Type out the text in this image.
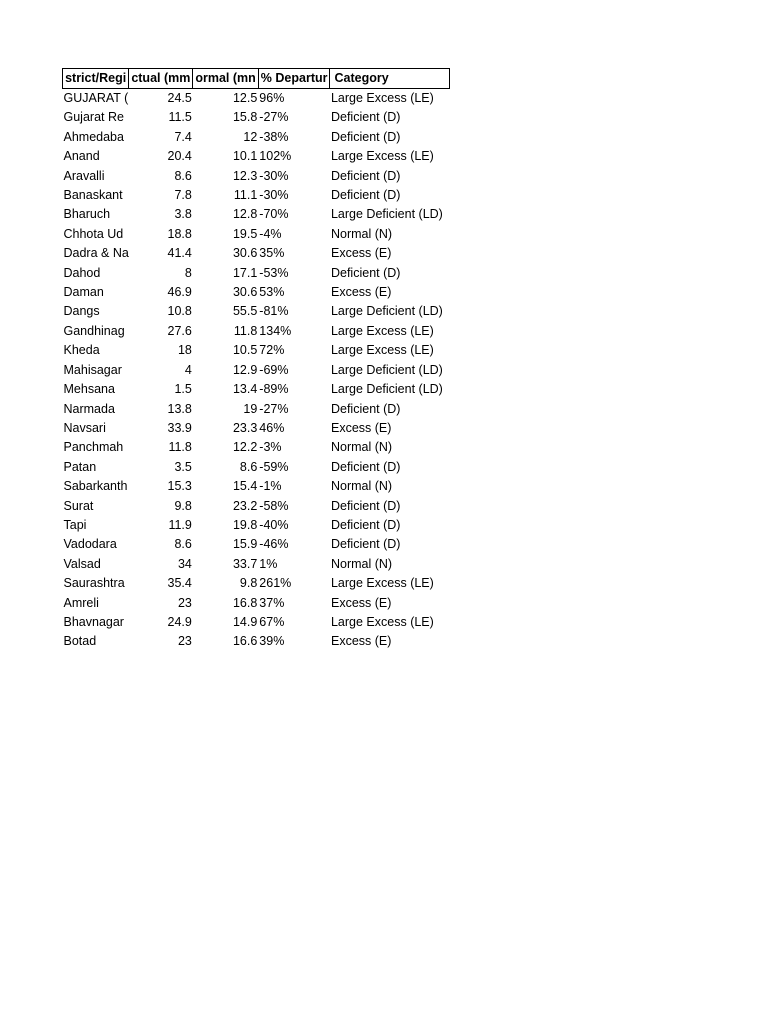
strict/Regi	ctual (mm	ormal (mn	% Departur	Category
GUJARAT (	24.5	12.5	96%	Large Excess (LE)
Gujarat Re	11.5	15.8	-27%	Deficient (D)
Ahmedaba	7.4	12	-38%	Deficient (D)
Anand	20.4	10.1	102%	Large Excess (LE)
Aravalli	8.6	12.3	-30%	Deficient (D)
Banaskant	7.8	11.1	-30%	Deficient (D)
Bharuch	3.8	12.8	-70%	Large Deficient (LD)
Chhota Ud	18.8	19.5	-4%	Normal (N)
Dadra & Na	41.4	30.6	35%	Excess (E)
Dahod	8	17.1	-53%	Deficient (D)
Daman	46.9	30.6	53%	Excess (E)
Dangs	10.8	55.5	-81%	Large Deficient (LD)
Gandhinag	27.6	11.8	134%	Large Excess (LE)
Kheda	18	10.5	72%	Large Excess (LE)
Mahisagar	4	12.9	-69%	Large Deficient (LD)
Mehsana	1.5	13.4	-89%	Large Deficient (LD)
Narmada	13.8	19	-27%	Deficient (D)
Navsari	33.9	23.3	46%	Excess (E)
Panchmah	11.8	12.2	-3%	Normal (N)
Patan	3.5	8.6	-59%	Deficient (D)
Sabarkanth	15.3	15.4	-1%	Normal (N)
Surat	9.8	23.2	-58%	Deficient (D)
Tapi	11.9	19.8	-40%	Deficient (D)
Vadodara	8.6	15.9	-46%	Deficient (D)
Valsad	34	33.7	1%	Normal (N)
Saurashtra	35.4	9.8	261%	Large Excess (LE)
Amreli	23	16.8	37%	Excess (E)
Bhavnagar	24.9	14.9	67%	Large Excess (LE)
Botad	23	16.6	39%	Excess (E)
